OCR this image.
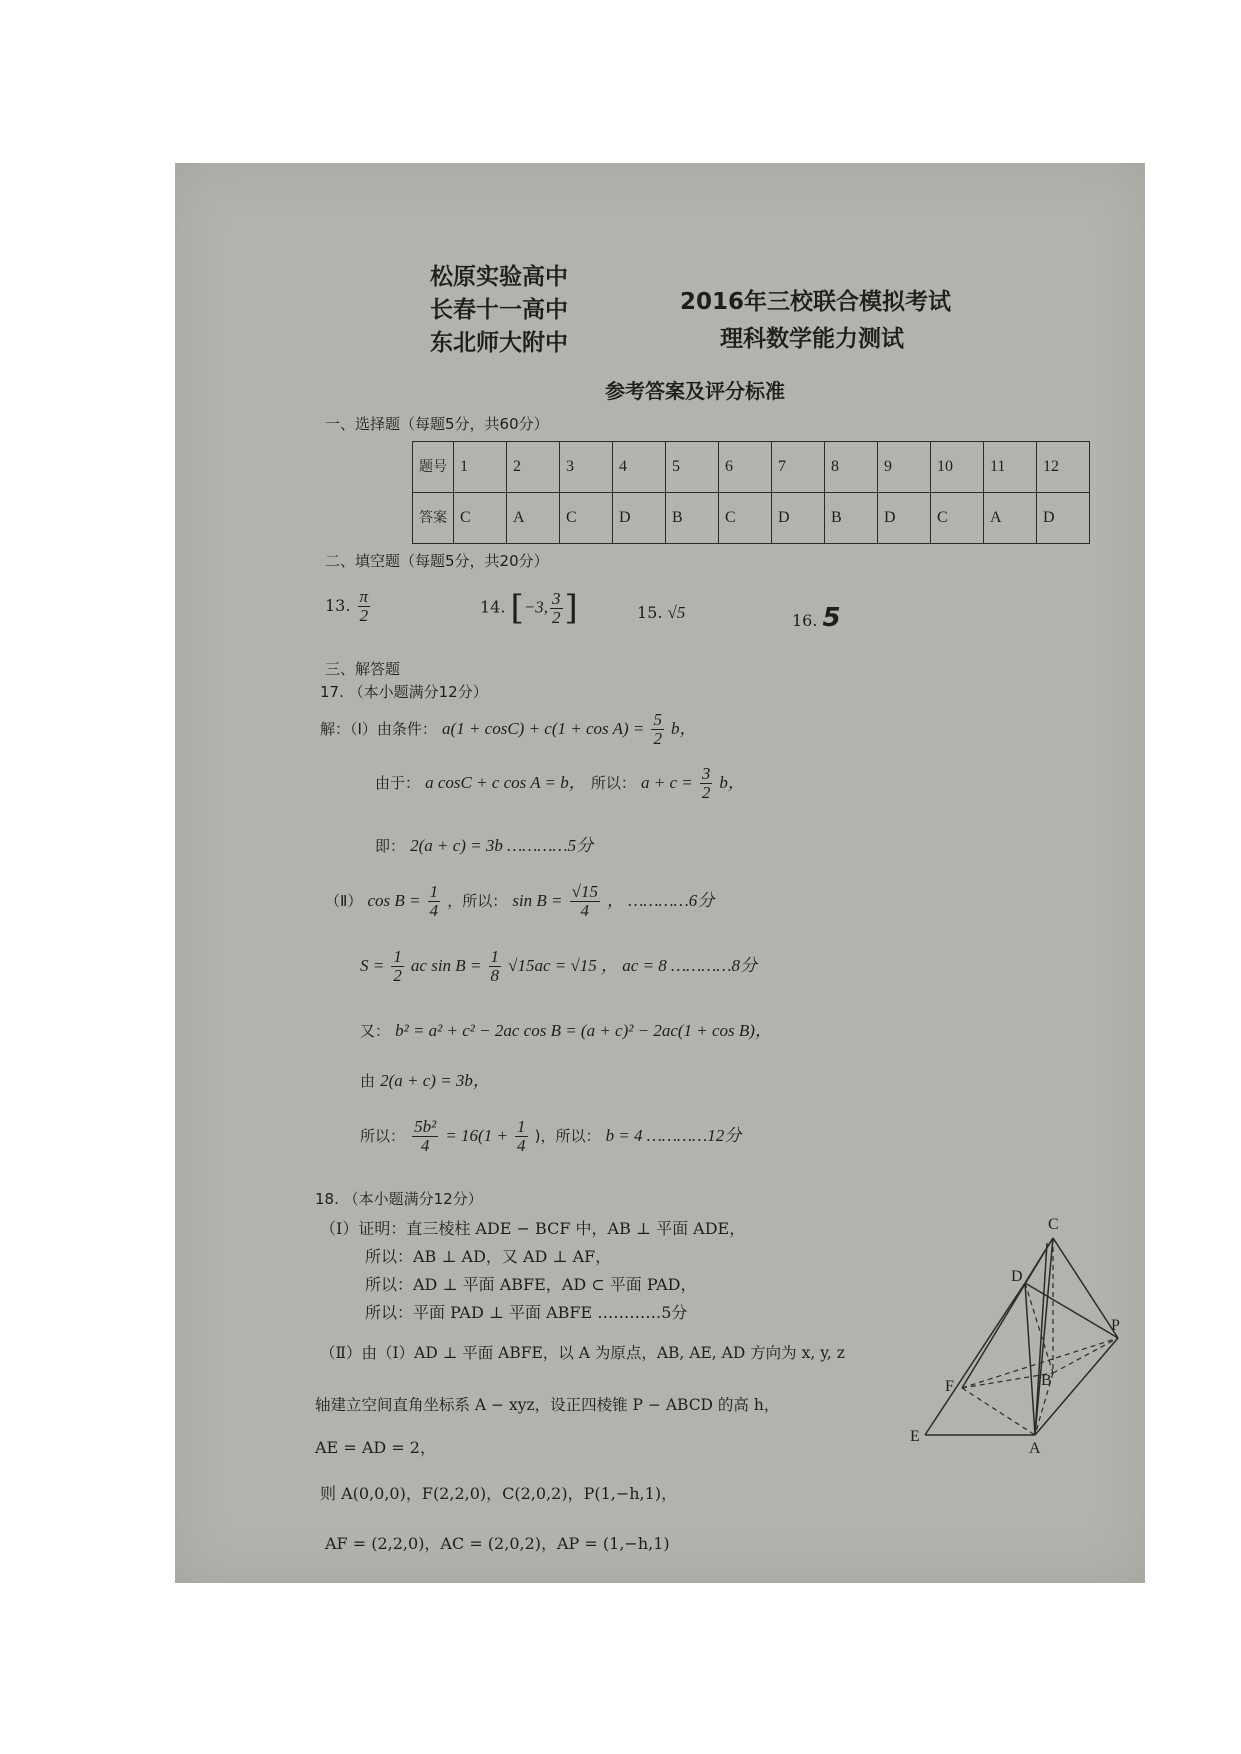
松原实验高中
长春十一高中
东北师大附中
2016年三校联合模拟考试
理科数学能力测试
参考答案及评分标准
一、选择题（每题5分，共60分）
题号	1	2	3	4	5	6	7	8	9	10	11	12
答案	C	A	C	D	B	C	D	B	D	C	A	D
二、填空题（每题5分，共20分）
13. $\frac{\pi}{2}$	14. [−3, $\frac{3}{2}$ ]	15. √5	16. 5
三、解答题
17. （本小题满分12分）
解：（Ⅰ）由条件： $a(1 + \cos C) + c(1 + \cos A) = \frac{5}{2}$ b，
由于： a cosC + c cos A = b， 所以： $a + c = \frac{3}{2}$ b，
即： 2(a + c) = 3b …………5分
（Ⅱ） $\cos B = \frac{1}{4}$ ，所以： $\sin B = \frac{√15}{4}$ ， …………6分
$S = \frac{1}{2}$ ac $\sin B = \frac{1}{8} √15ac = √15$ ， ac = 8 …………8分
又： b² = a² + c² − 2ac cos B = (a + c)² − 2ac(1 + cos B)，
由 2(a + c) = 3b，
所以： $\frac{\text{5b²}}{4} = 16(1 + \frac{1}{4}$ )，所以： b = 4 …………12分
18. （本小题满分12分）
（Ⅰ）证明：直三棱柱 ADE − BCF 中，AB ⊥ 平面 ADE，
所以：AB ⊥ AD，又 AD ⊥ AF，
所以：AD ⊥ 平面 ABFE，AD ⊂ 平面 PAD，
所以：平面 PAD ⊥ 平面 ABFE …………5分
（Ⅱ）由（Ⅰ）AD ⊥ 平面 ABFE，以 A 为原点，AB, AE, AD 方向为 x, y, z
轴建立空间直角坐标系 A − xyz，设正四棱锥 P − ABCD 的高 h，
AE = AD = 2，
则 A(0,0,0)，F(2,2,0)，C(2,0,2)，P(1,−h,1)，
AF = (2,2,0)，AC = (2,0,2)，AP = (1,−h,1)
C
D
P
F	B
E
A
